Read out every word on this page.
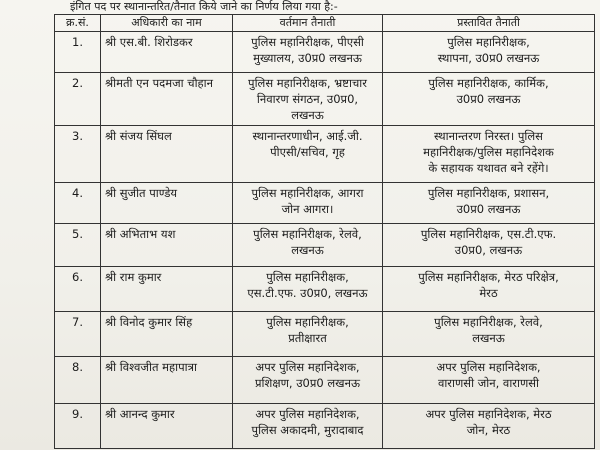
इंगित पद पर स्थानान्तरित/तैनात किये जाने का निर्णय लिया गया है:-
क्र.सं.	अधिकारी का नाम	वर्तमान तैनाती	प्रस्तावित तैनाती
1.	श्री एस.बी. शिरोडकर	पुलिस महानिरीक्षक, पीएसी
मुख्यालय, उ0प्र0 लखनऊ	पुलिस महानिरीक्षक,
स्थापना, उ0प्र0 लखनऊ

2.	श्रीमती एन पदमजा चौहान	पुलिस महानिरीक्षक, भ्रष्टाचार
निवारण संगठन, उ0प्र0,
लखनऊ	पुलिस महानिरीक्षक, कार्मिक,
उ0प्र0 लखनऊ

3.	श्री संजय सिंघल	स्थानान्तरणाधीन, आई.जी.
पीएसी/सचिव, गृह	स्थानान्तरण निरस्त। पुलिस
महानिरीक्षक/पुलिस महानिदेशक
के सहायक यथावत बने रहेंगे।

4.	श्री सुजीत पाण्डेय	पुलिस महानिरीक्षक, आगरा
जोन आगरा।	पुलिस महानिरीक्षक, प्रशासन,
उ0प्र0 लखनऊ

5.	श्री अभिताभ यश	पुलिस महानिरीक्षक, रेलवे,
लखनऊ	पुलिस महानिरीक्षक, एस.टी.एफ.
उ0प्र0, लखनऊ

6.	श्री राम कुमार	पुलिस महानिरीक्षक,
एस.टी.एफ. उ0प्र0, लखनऊ	पुलिस महानिरीक्षक, मेरठ परिक्षेत्र,
मेरठ

7.	श्री विनोद कुमार सिंह	पुलिस महानिरीक्षक,
प्रतीक्षारत	पुलिस महानिरीक्षक, रेलवे,
लखनऊ

8.	श्री विश्वजीत महापात्रा	अपर पुलिस महानिदेशक,
प्रशिक्षण, उ0प्र0 लखनऊ	अपर पुलिस महानिदेशक,
वाराणसी जोन, वाराणसी

9.	श्री आनन्द कुमार	अपर पुलिस महानिदेशक,
पुलिस अकादमी, मुरादाबाद	अपर पुलिस महानिदेशक, मेरठ
जोन, मेरठ
